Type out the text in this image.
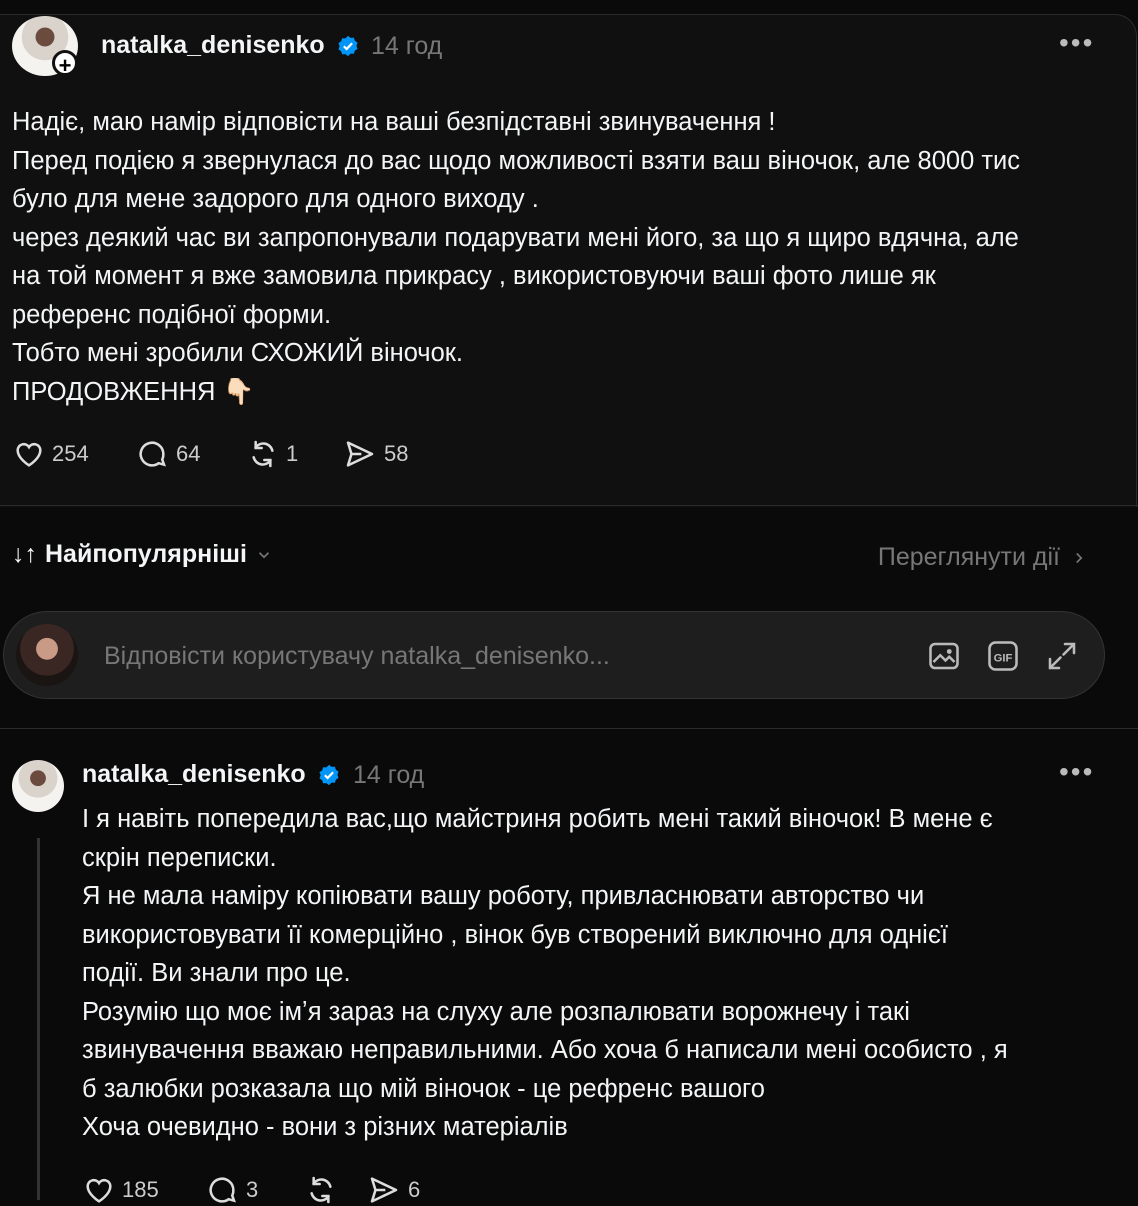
+
natalka_denisenko 14 год	•••
Надіє, маю намір відповісти на ваші безпідставні звинувачення !
Перед подією я звернулася до вас щодо можливості взяти ваш віночок, але 8000 тис
було для мене задорого для одного виходу .
через деякий час ви запропонували подарувати мені його, за що я щиро вдячна, але
на той момент я вже замовила прикрасу , використовуючи ваші фото лише як
референс подібної форми.
Тобто мені зробили СХОЖИЙ віночок.
ПРОДОВЖЕННЯ 👇🏻
254	64	1	58
↓↑ Найпопулярніші	Переглянути дії
Відповісти користувачу natalka_denisenko...
GIF
natalka_denisenko 14 год	•••
І я навіть попередила вас,що майстриня робить мені такий віночок! В мене є
скрін переписки.
Я не мала наміру копіювати вашу роботу, привласнювати авторство чи
використовувати її комерційно , вінок був створений виключно для однієї
події. Ви знали про це.
Розумію що моє імʼя зараз на слуху але розпалювати ворожнечу і такі
звинувачення вважаю неправильними. Або хоча б написали мені особисто , я
б залюбки розказала що мій віночок - це рефренс вашого
Хоча очевидно - вони з різних матеріалів
185	3	6
